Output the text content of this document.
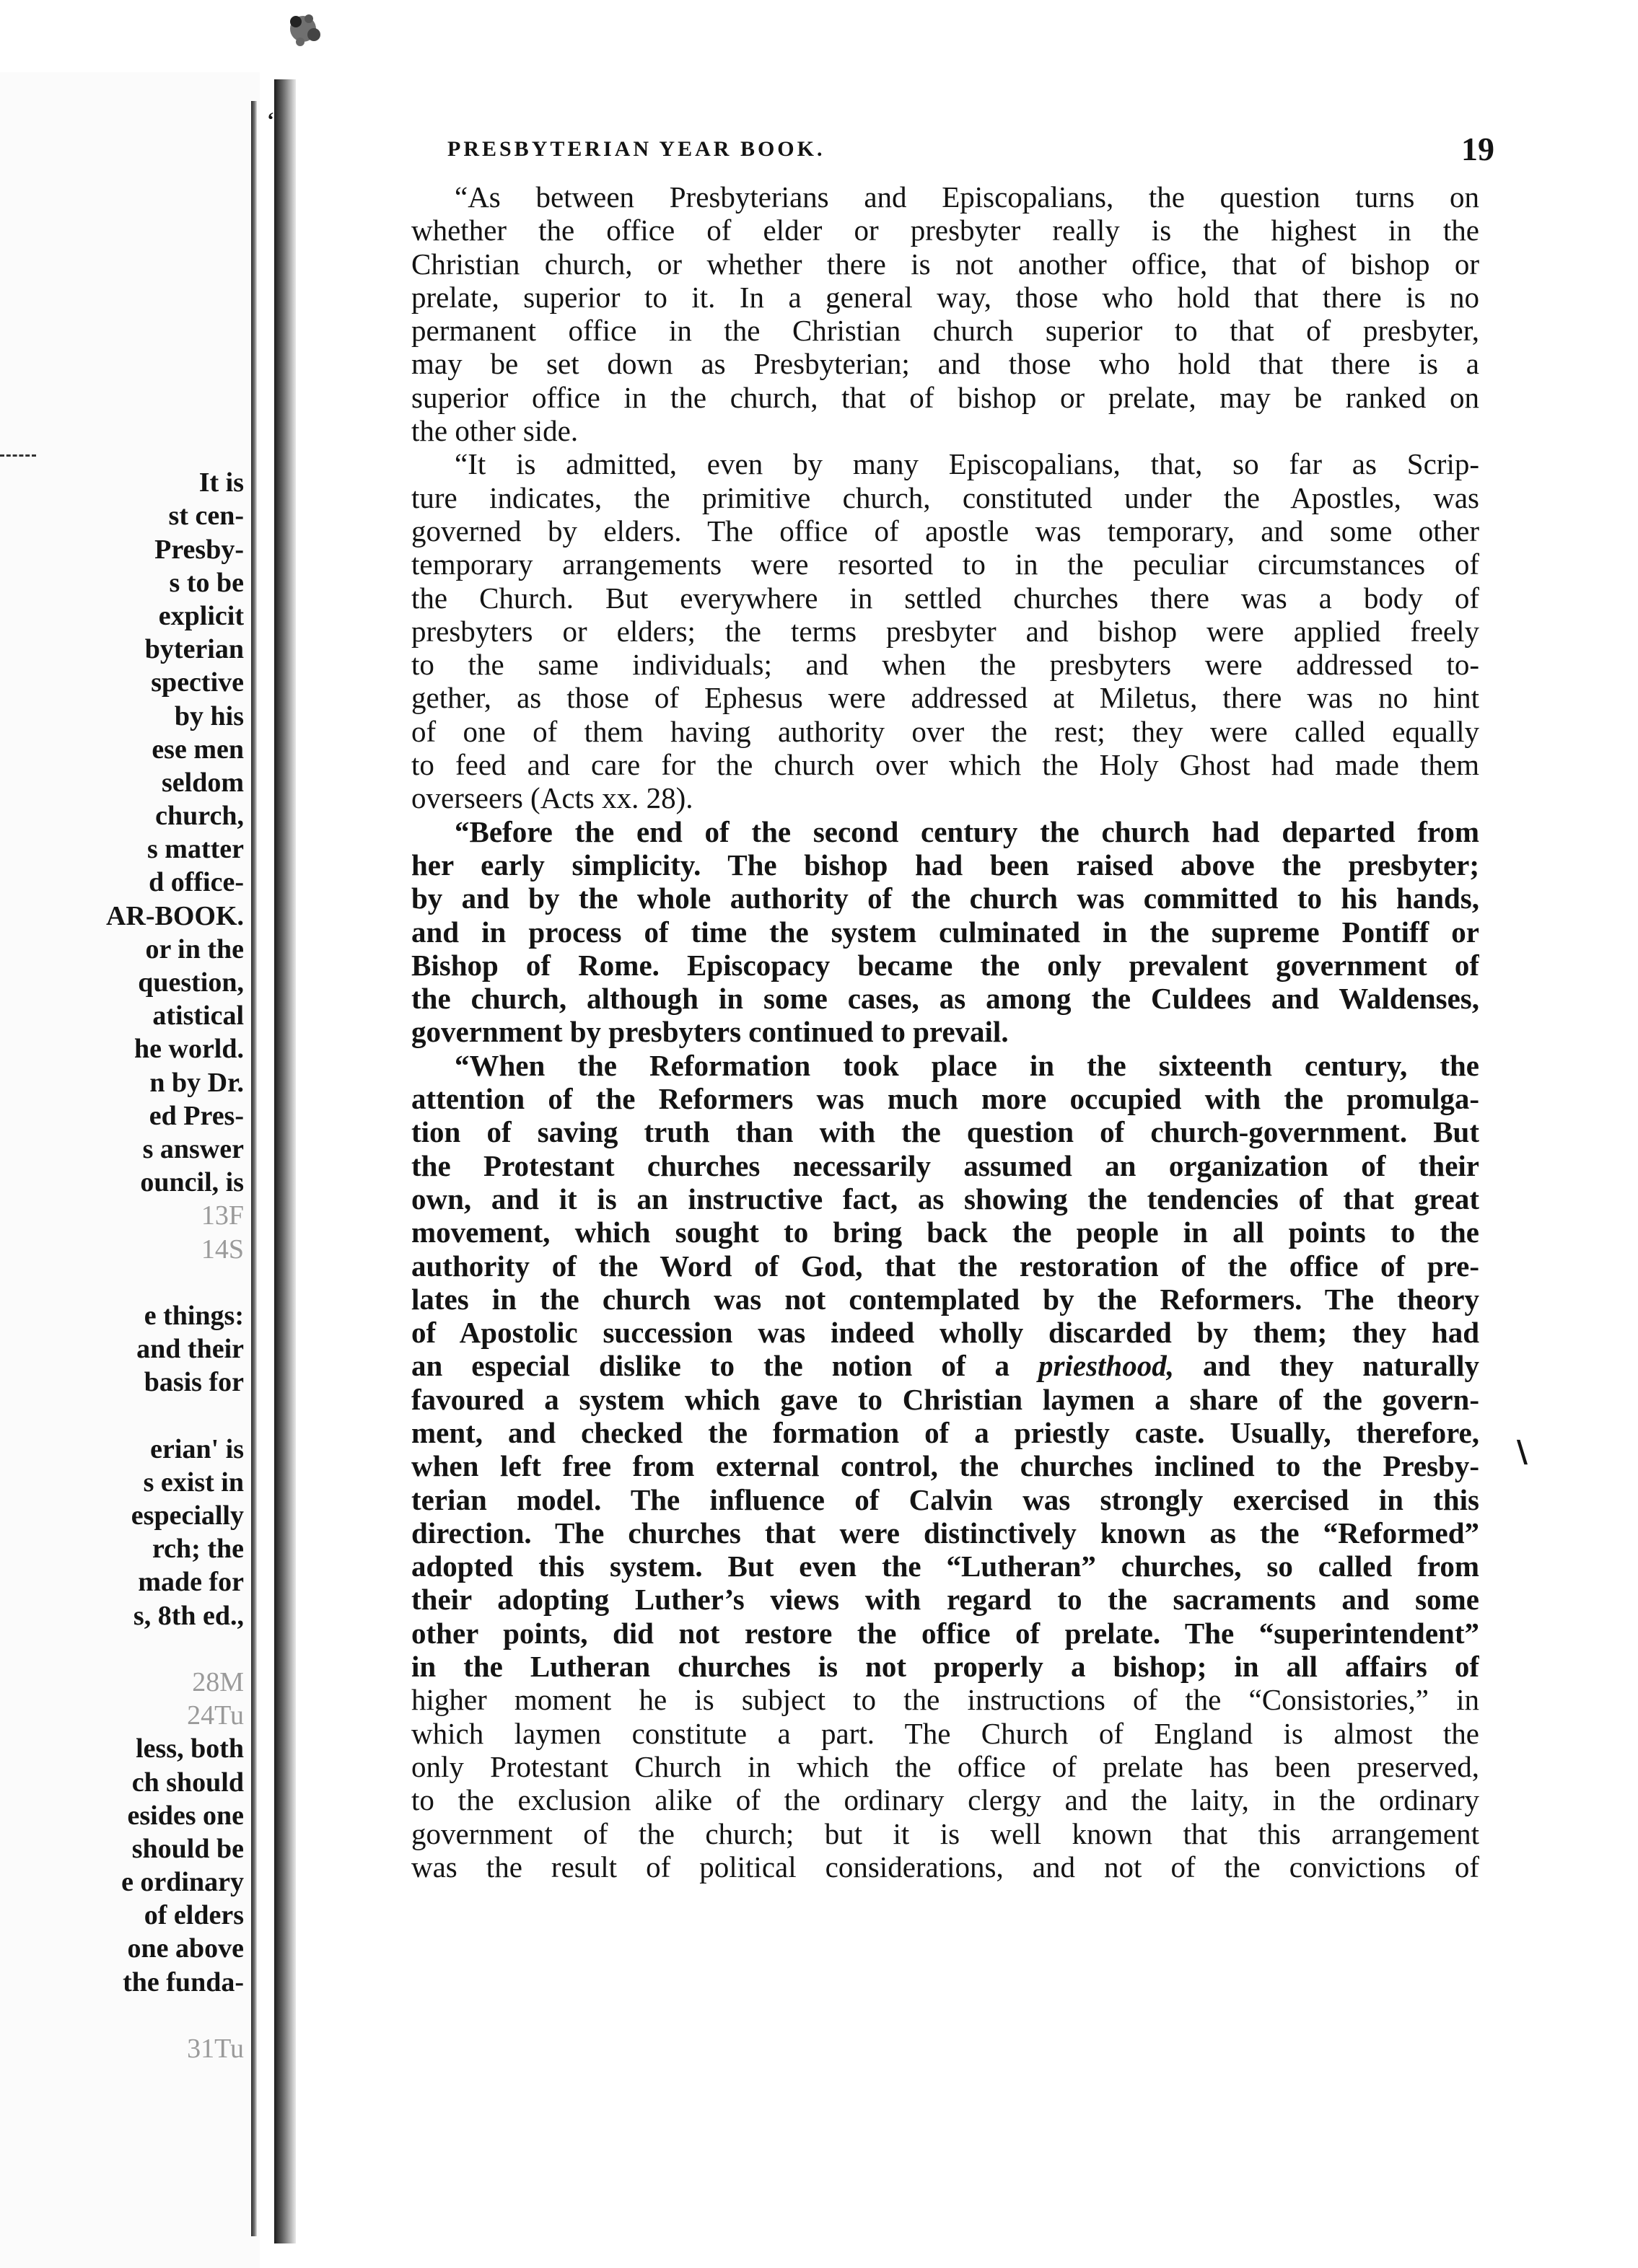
It is
st cen-
Presby-
s to be
explicit
byterian
spective
by his
ese men
seldom
church,
s matter
d office-
AR-BOOK.
or in the
question,
atistical
he world.
n by Dr.
ed Pres-
s answer
ouncil, is
13F
14S
e things:
and their
basis for
erian' is
s exist in
especially
rch; the
made for
s, 8th ed.,
28M
24Tu
less, both
ch should
esides one
should be
e ordinary
of elders
one above
the funda-
31Tu
PRESBYTERIAN YEAR BOOK.	19
“As between Presbyterians and Episcopalians, the question turns on
whether the office of elder or presbyter really is the highest in the
Christian church, or whether there is not another office, that of bishop or
prelate, superior to it. In a general way, those who hold that there is no
permanent office in the Christian church superior to that of presbyter,
may be set down as Presbyterian; and those who hold that there is a
superior office in the church, that of bishop or prelate, may be ranked on
the other side.
“It is admitted, even by many Episcopalians, that, so far as Scrip-
ture indicates, the primitive church, constituted under the Apostles, was
governed by elders. The office of apostle was temporary, and some other
temporary arrangements were resorted to in the peculiar circumstances of
the Church. But everywhere in settled churches there was a body of
presbyters or elders; the terms presbyter and bishop were applied freely
to the same individuals; and when the presbyters were addressed to-
gether, as those of Ephesus were addressed at Miletus, there was no hint
of one of them having authority over the rest; they were called equally
to feed and care for the church over which the Holy Ghost had made them
overseers (Acts xx. 28).
“Before the end of the second century the church had departed from
her early simplicity. The bishop had been raised above the presbyter;
by and by the whole authority of the church was committed to his hands,
and in process of time the system culminated in the supreme Pontiff or
Bishop of Rome. Episcopacy became the only prevalent government of
the church, although in some cases, as among the Culdees and Waldenses,
government by presbyters continued to prevail.
“When the Reformation took place in the sixteenth century, the
attention of the Reformers was much more occupied with the promulga-
tion of saving truth than with the question of church-government. But
the Protestant churches necessarily assumed an organization of their
own, and it is an instructive fact, as showing the tendencies of that great
movement, which sought to bring back the people in all points to the
authority of the Word of God, that the restoration of the office of pre-
lates in the church was not contemplated by the Reformers. The theory
of Apostolic succession was indeed wholly discarded by them; they had
an especial dislike to the notion of a priesthood, and they naturally
favoured a system which gave to Christian laymen a share of the govern-
ment, and checked the formation of a priestly caste. Usually, therefore,
when left free from external control, the churches inclined to the Presby-
terian model. The influence of Calvin was strongly exercised in this
direction. The churches that were distinctively known as the “Reformed”
adopted this system. But even the “Lutheran” churches, so called from
their adopting Luther’s views with regard to the sacraments and some
other points, did not restore the office of prelate. The “superintendent”
in the Lutheran churches is not properly a bishop; in all affairs of
higher moment he is subject to the instructions of the “Consistories,” in
which laymen constitute a part. The Church of England is almost the
only Protestant Church in which the office of prelate has been preserved,
to the exclusion alike of the ordinary clergy and the laity, in the ordinary
government of the church; but it is well known that this arrangement
was the result of political considerations, and not of the convictions of
∖
‘
